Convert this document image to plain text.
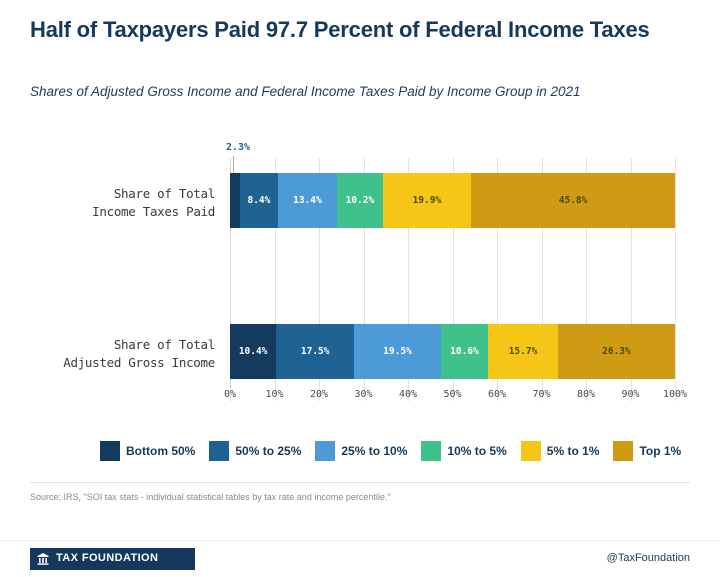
Half of Taxpayers Paid 97.7 Percent of Federal Income Taxes
Shares of Adjusted Gross Income and Federal Income Taxes Paid by Income Group in 2021
Share of Total
Income Taxes Paid
8.4%	13.4%	10.2%	19.9%	45.8%
2.3%
Share of Total
Adjusted Gross Income
10.4%	17.5%	19.5%	10.6%	15.7%	26.3%
0%	10%	20%	30%	40%	50%	60%	70%	80%	90% 100%
Bottom 50%	50% to 25%	25% to 10%	10% to 5%	5% to 1%	Top 1%
Source: IRS, "SOI tax stats - individual statistical tables by tax rate and income percentile."
TAX FOUNDATION	@TaxFoundation
